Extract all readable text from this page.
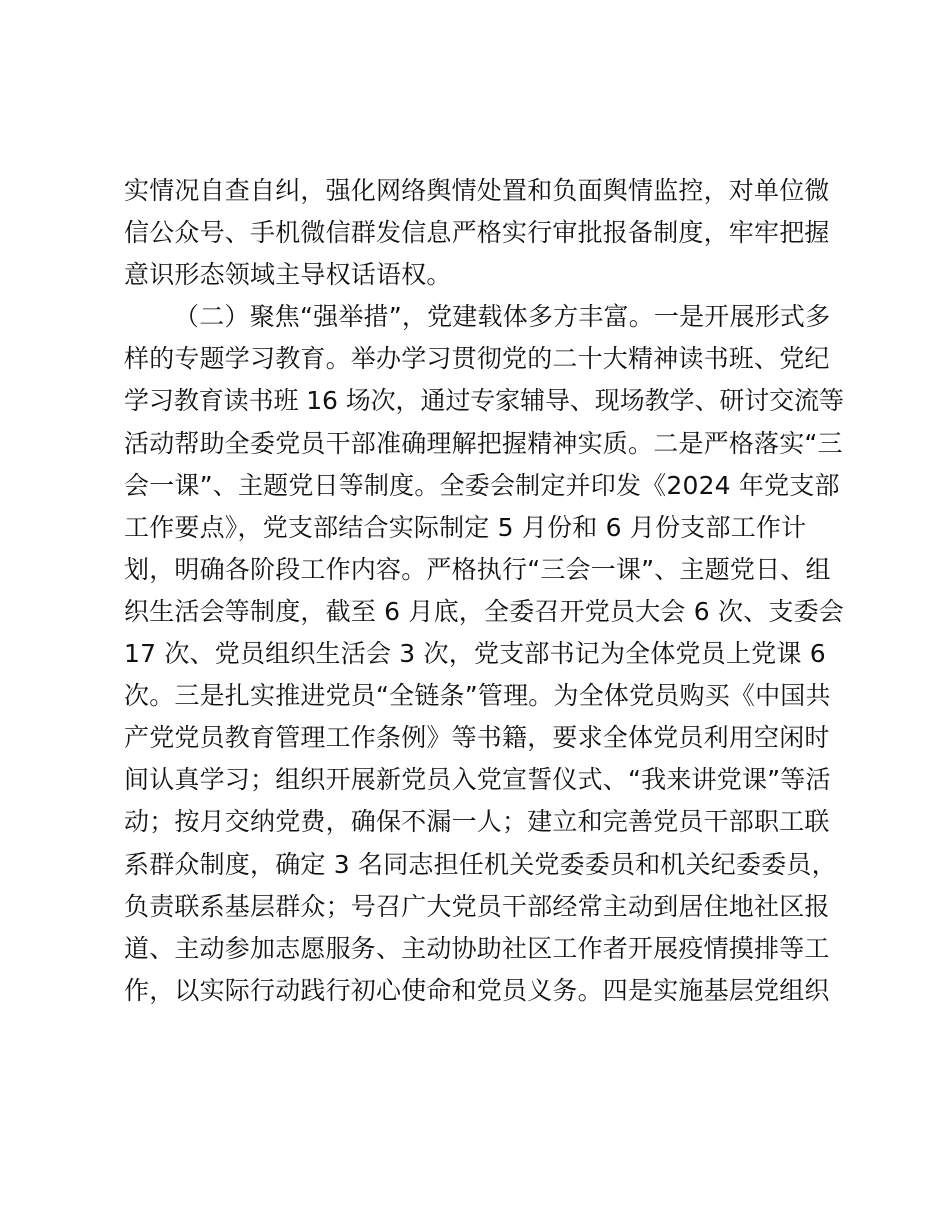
实情况自查自纠，强化网络舆情处置和负面舆情监控，对单位微
信公众号、手机微信群发信息严格实行审批报备制度，牢牢把握
意识形态领域主导权话语权。
（二）聚焦“强举措”，党建载体多方丰富。一是开展形式多
样的专题学习教育。举办学习贯彻党的二十大精神读书班、党纪
学习教育读书班 16 场次，通过专家辅导、现场教学、研讨交流等
活动帮助全委党员干部准确理解把握精神实质。二是严格落实“三
会一课”、主题党日等制度。全委会制定并印发《2024 年党支部
工作要点》，党支部结合实际制定 5 月份和 6 月份支部工作计
划，明确各阶段工作内容。严格执行“三会一课”、主题党日、组
织生活会等制度，截至 6 月底，全委召开党员大会 6 次、支委会
17 次、党员组织生活会 3 次，党支部书记为全体党员上党课 6
次。三是扎实推进党员“全链条”管理。为全体党员购买《中国共
产党党员教育管理工作条例》等书籍，要求全体党员利用空闲时
间认真学习；组织开展新党员入党宣誓仪式、“我来讲党课”等活
动；按月交纳党费，确保不漏一人；建立和完善党员干部职工联
系群众制度，确定 3 名同志担任机关党委委员和机关纪委委员，
负责联系基层群众；号召广大党员干部经常主动到居住地社区报
道、主动参加志愿服务、主动协助社区工作者开展疫情摸排等工
作，以实际行动践行初心使命和党员义务。四是实施基层党组织
